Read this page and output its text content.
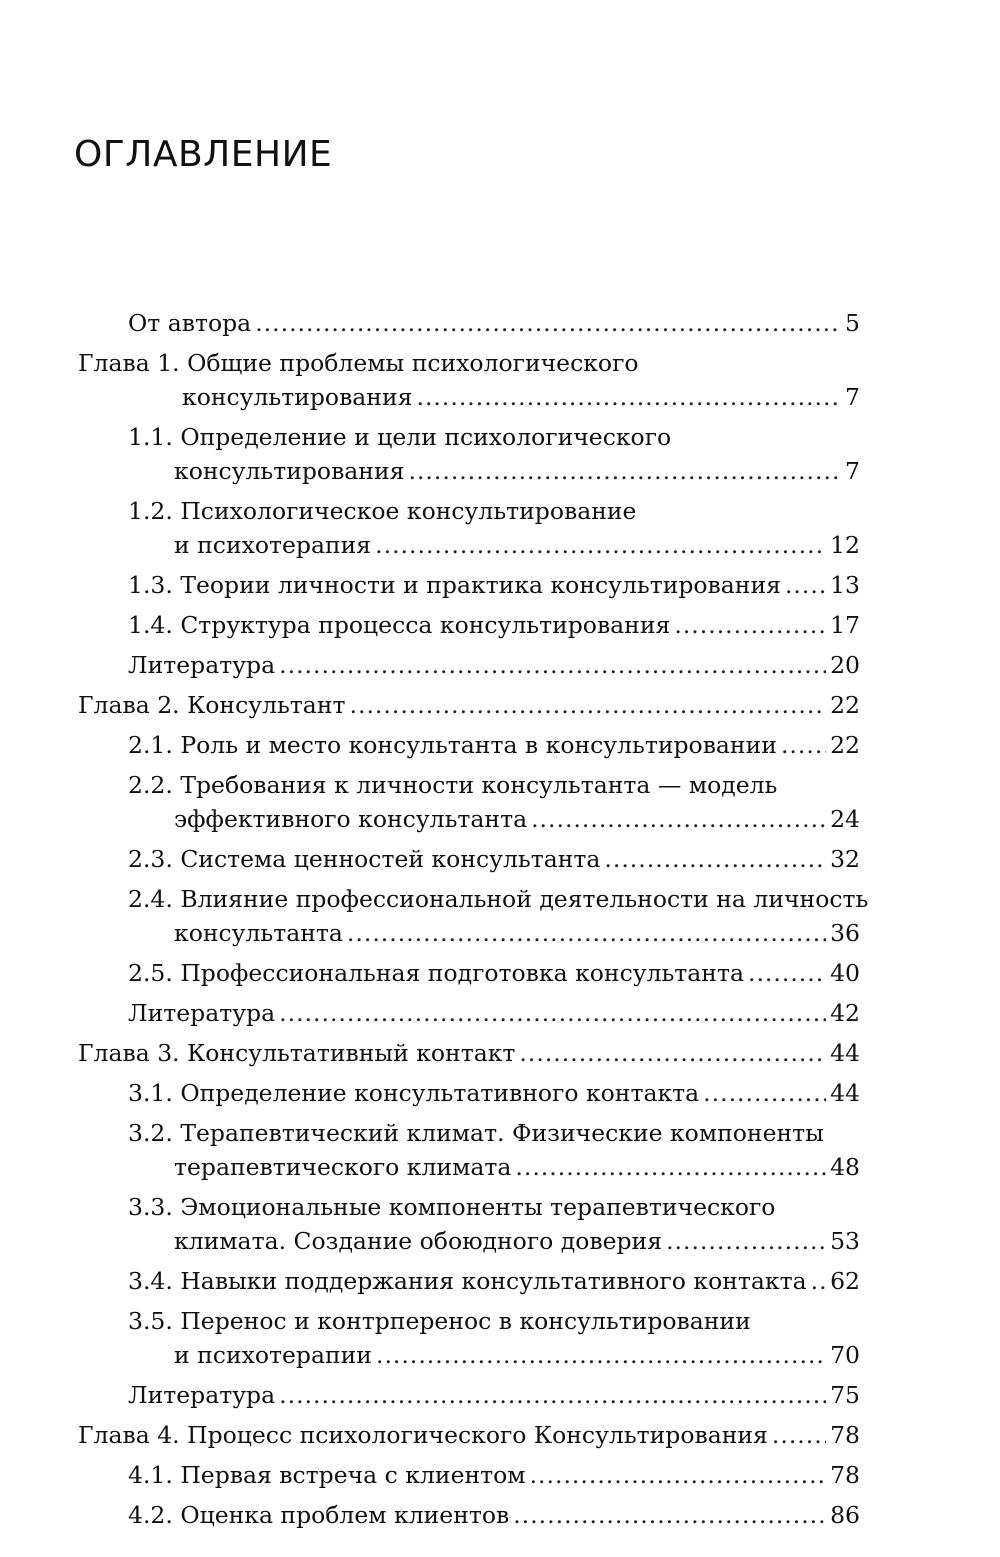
ОГЛАВЛЕНИЕ
От автора .....	5
Глава 1. Общие проблемы психологического
консультирования .....	7
1.1. Определение и цели психологического
консультирования .....	7
1.2. Психологическое консультирование
и психотерапия .....	12
1.3. Теории личности и практика консультирования ..... 13
1.4. Структура процесса консультирования .....	17
Литература .....	20
Глава 2. Консультант .....	22
2.1. Роль и место консультанта в консультировании ..... 22
2.2. Требования к личности консультанта — модель
эффективного консультанта .....	24
2.3. Система ценностей консультанта .....	32
2.4. Влияние профессиональной деятельности на личность
консультанта .....	36
2.5. Профессиональная подготовка консультанта .....	40
Литература .....	42
Глава 3. Консультативный контакт .....	44
3.1. Определение консультативного контакта .....	44
3.2. Терапевтический климат. Физические компоненты
терапевтического климата .....	48
3.3. Эмоциональные компоненты терапевтического
климата. Создание обоюдного доверия .....	53
3.4. Навыки поддержания консультативного контакта ..... 62
3.5. Перенос и контрперенос в консультировании
и психотерапии .....	70
Литература .....	75
Глава 4. Процесс психологического Консультирования .....	78
4.1. Первая встреча с клиентом .....	78
4.2. Оценка проблем клиентов .....	86
